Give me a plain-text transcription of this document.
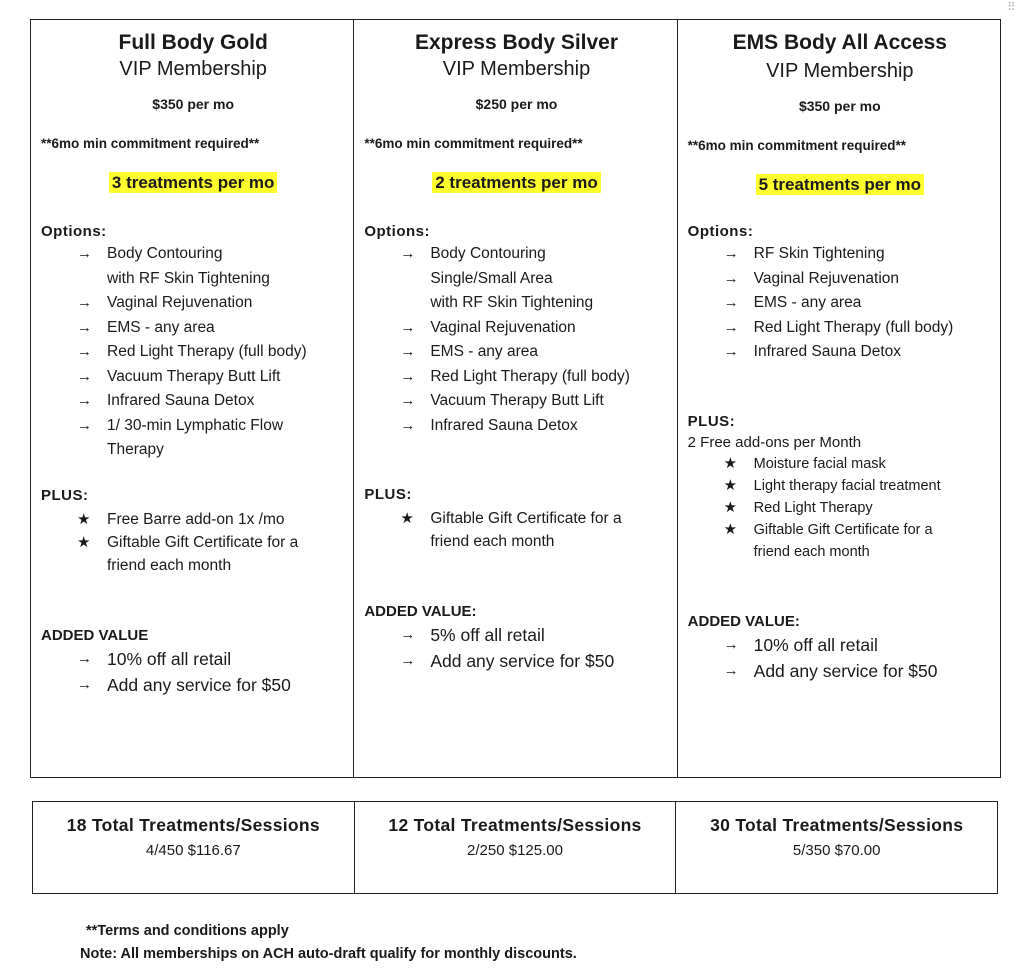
Full Body Gold
VIP Membership
$350 per mo
**6mo min commitment required**
3 treatments per mo
Options:
→ Body Contouring
with RF Skin Tightening
→ Vaginal Rejuvenation
→ EMS - any area
→ Red Light Therapy (full body)
→ Vacuum Therapy Butt Lift
→ Infrared Sauna Detox
→ 1/ 30-min Lymphatic Flow
Therapy
PLUS:
★ Free Barre add-on 1x /mo
★ Giftable Gift Certificate for a
friend each month
ADDED VALUE
→ 10% off all retail
→ Add any service for $50
Express Body Silver
VIP Membership
$250 per mo
**6mo min commitment required**
2 treatments per mo
Options:
→ Body Contouring
Single/Small Area
with RF Skin Tightening
→ Vaginal Rejuvenation
→ EMS - any area
→ Red Light Therapy (full body)
→ Vacuum Therapy Butt Lift
→ Infrared Sauna Detox
PLUS:
★ Giftable Gift Certificate for a
friend each month
ADDED VALUE:
→ 5% off all retail
→ Add any service for $50
EMS Body All Access
VIP Membership
$350 per mo
**6mo min commitment required**
5 treatments per mo
Options:
→ RF Skin Tightening
→ Vaginal Rejuvenation
→ EMS - any area
→ Red Light Therapy (full body)
→ Infrared Sauna Detox
PLUS:
2 Free add-ons per Month
★ Moisture facial mask
★ Light therapy facial treatment
★ Red Light Therapy
★ Giftable Gift Certificate for a
friend each month
ADDED VALUE:
→ 10% off all retail
→ Add any service for $50
18 Total Treatments/Sessions
4/450 $116.67
12 Total Treatments/Sessions
2/250 $125.00
30 Total Treatments/Sessions
5/350 $70.00
**Terms and conditions apply
Note: All memberships on ACH auto-draft qualify for monthly discounts.
⠿
